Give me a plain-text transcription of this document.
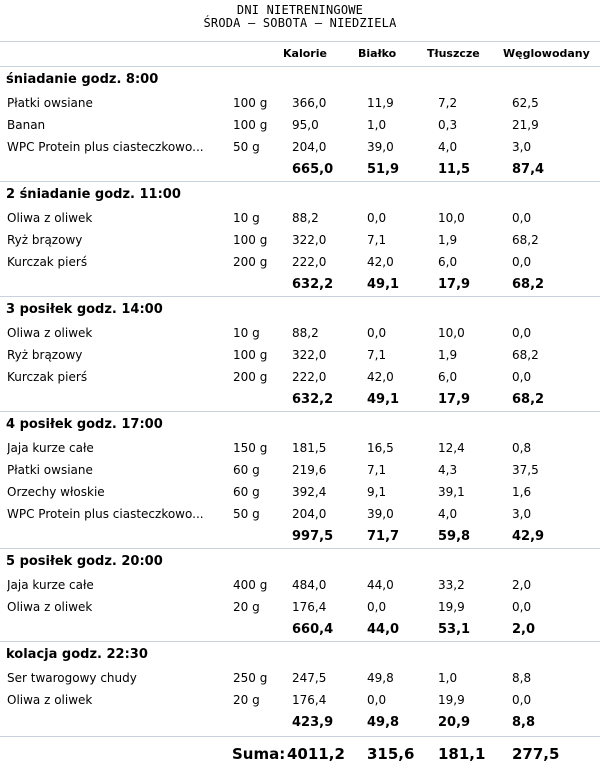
DNI NIETRENINGOWE
ŚRODA – SOBOTA – NIEDZIELA
Kalorie	Białko	Tłuszcze Węglowodany
śniadanie godz. 8:00
Płatki owsiane	100 g 366,0	11,9	7,2	62,5
Banan	100 g 95,0	1,0	0,3	21,9
WPC Protein plus ciasteczkowo...	50 g	204,0	39,0	4,0	3,0
665,0	51,9	11,5	87,4
2 śniadanie godz. 11:00
Oliwa z oliwek	10 g	88,2	0,0	10,0	0,0
Ryż brązowy	100 g 322,0	7,1	1,9	68,2
Kurczak pierś	200 g 222,0	42,0	6,0	0,0
632,2	49,1	17,9	68,2
3 posiłek godz. 14:00
Oliwa z oliwek	10 g	88,2	0,0	10,0	0,0
Ryż brązowy	100 g 322,0	7,1	1,9	68,2
Kurczak pierś	200 g 222,0	42,0	6,0	0,0
632,2	49,1	17,9	68,2
4 posiłek godz. 17:00
Jaja kurze całe	150 g 181,5	16,5	12,4	0,8
Płatki owsiane	60 g	219,6	7,1	4,3	37,5
Orzechy włoskie	60 g	392,4	9,1	39,1	1,6
WPC Protein plus ciasteczkowo...	50 g	204,0	39,0	4,0	3,0
997,5	71,7	59,8	42,9
5 posiłek godz. 20:00
Jaja kurze całe	400 g 484,0	44,0	33,2	2,0
Oliwa z oliwek	20 g	176,4	0,0	19,9	0,0
660,4	44,0	53,1	2,0
kolacja godz. 22:30
Ser twarogowy chudy	250 g 247,5	49,8	1,0	8,8
Oliwa z oliwek	20 g	176,4	0,0	19,9	0,0
423,9	49,8	20,9	8,8
Suma: 4011,2 315,6 181,1 277,5
